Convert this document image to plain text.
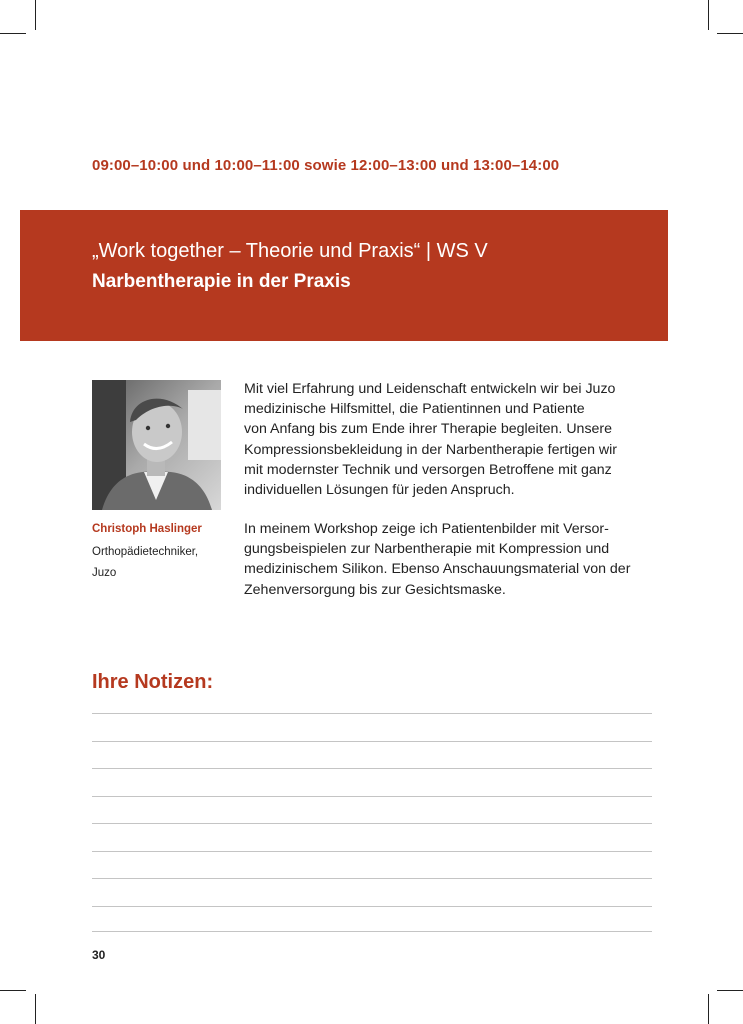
09:00–10:00 und 10:00–11:00 sowie 12:00–13:00 und 13:00–14:00
„Work together – Theorie und Praxis“ | WS V
Narbentherapie in der Praxis
Christoph Haslinger
Orthopädietechniker,
Juzo
Mit viel Erfahrung und Leidenschaft entwickeln wir bei Juzo
medizinische Hilfsmittel, die Patientinnen und Patiente
von Anfang bis zum Ende ihrer Therapie begleiten. Unsere
Kompressionsbekleidung in der Narbentherapie fertigen wir
mit modernster Technik und versorgen Betroffene mit ganz
individuellen Lösungen für jeden Anspruch.
In meinem Workshop zeige ich Patientenbilder mit Versor-
gungsbeispielen zur Narbentherapie mit Kompression und
medizinischem Silikon. Ebenso Anschauungsmaterial von der
Zehenversorgung bis zur Gesichtsmaske.
Ihre Notizen:
30
